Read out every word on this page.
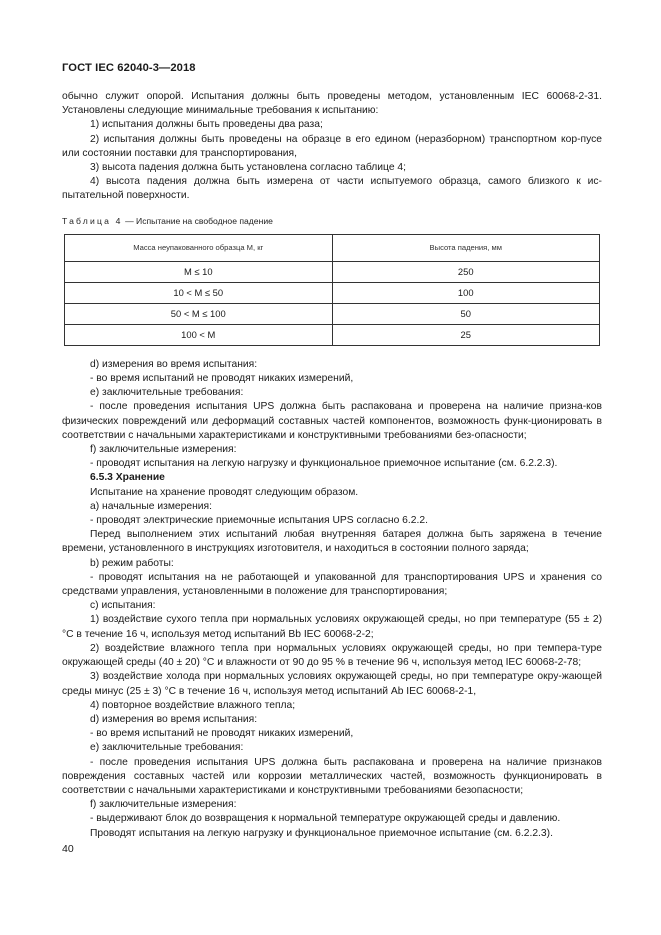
ГОСТ IEC 62040-3—2018

обычно служит опорой. Испытания должны быть проведены методом, установленным IEC 60068-2-31. Установлены следующие минимальные требования к испытанию:

1) испытания должны быть проведены два раза;

2) испытания должны быть проведены на образце в его едином (неразборном) транспортном кор-пусе или состоянии поставки для транспортирования,

3) высота падения должна быть установлена согласно таблице 4;

4) высота падения должна быть измерена от части испытуемого образца, самого близкого к ис-пытательной поверхности.

Таблица 4 — Испытание на свободное падение
Масса неупакованного образца М, кг	Высота падения, мм
M ≤ 10	250
10 < M ≤ 50	100
50 < M ≤ 100	50
100 < M	25

d) измерения во время испытания:

- во время испытаний не проводят никаких измерений,

e) заключительные требования:

- после проведения испытания UPS должна быть распакована и проверена на наличие призна-ков физических повреждений или деформаций составных частей компонентов, возможность функ-ционировать в соответствии с начальными характеристиками и конструктивными требованиями без-опасности;

f) заключительные измерения:

- проводят испытания на легкую нагрузку и функциональное приемочное испытание (см. 6.2.2.3).

6.5.3 Хранение

Испытание на хранение проводят следующим образом.

a) начальные измерения:

- проводят электрические приемочные испытания UPS согласно 6.2.2.

Перед выполнением этих испытаний любая внутренняя батарея должна быть заряжена в течение времени, установленного в инструкциях изготовителя, и находиться в состоянии полного заряда;

b) режим работы:

- проводят испытания на не работающей и упакованной для транспортирования UPS и хранения со средствами управления, установленными в положение для транспортирования;

c) испытания:

1) воздействие сухого тепла при нормальных условиях окружающей среды, но при температуре (55 ± 2)°C в течение 16 ч, используя метод испытаний Bb IEC 60068-2-2;

2) воздействие влажного тепла при нормальных условиях окружающей среды, но при темпера-туре окружающей среды (40 ± 20) °C и влажности от 90 до 95 % в течение 96 ч, используя метод IEC 60068-2-78;

3) воздействие холода при нормальных условиях окружающей среды, но при температуре окру-жающей среды минус (25 ± 3) °C в течение 16 ч, используя метод испытаний Ab IEC 60068-2-1,

4) повторное воздействие влажного тепла;

d) измерения во время испытания:

- во время испытаний не проводят никаких измерений,

e) заключительные требования:

- после проведения испытания UPS должна быть распакована и проверена на наличие признаков повреждения составных частей или коррозии металлических частей, возможность функционировать в соответствии с начальными характеристиками и конструктивными требованиями безопасности;

f) заключительные измерения:

- выдерживают блок до возвращения к нормальной температуре окружающей среды и давлению.

Проводят испытания на легкую нагрузку и функциональное приемочное испытание (см. 6.2.2.3).

40
